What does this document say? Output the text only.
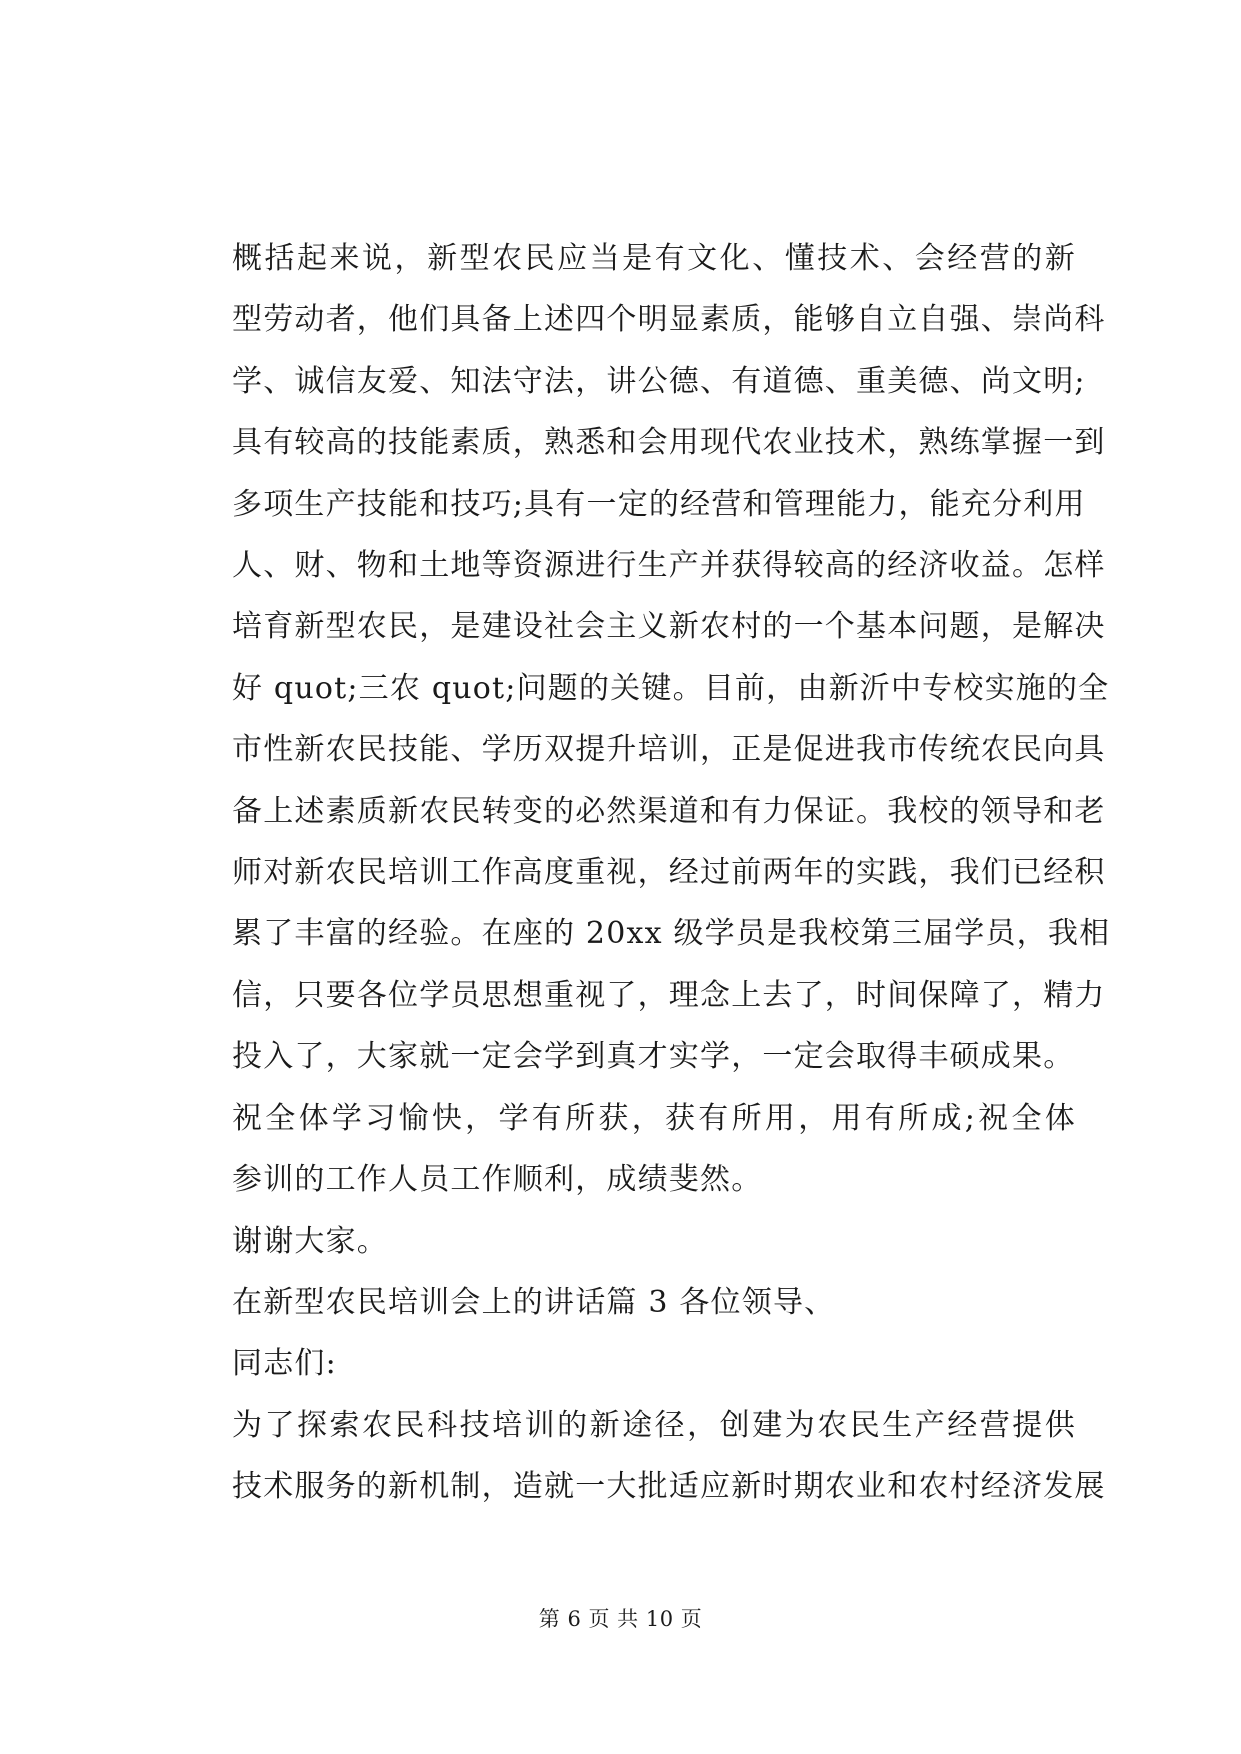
概括起来说，新型农民应当是有文化、懂技术、会经营的新
型劳动者，他们具备上述四个明显素质，能够自立自强、崇尚科
学、诚信友爱、知法守法，讲公德、有道德、重美德、尚文明;
具有较高的技能素质，熟悉和会用现代农业技术，熟练掌握一到
多项生产技能和技巧;具有一定的经营和管理能力，能充分利用
人、财、物和土地等资源进行生产并获得较高的经济收益。怎样
培育新型农民，是建设社会主义新农村的一个基本问题，是解决
好 quot;三农 quot;问题的关键。目前，由新沂中专校实施的全
市性新农民技能、学历双提升培训，正是促进我市传统农民向具
备上述素质新农民转变的必然渠道和有力保证。我校的领导和老
师对新农民培训工作高度重视，经过前两年的实践，我们已经积
累了丰富的经验。在座的 20xx 级学员是我校第三届学员，我相
信，只要各位学员思想重视了，理念上去了，时间保障了，精力
投入了，大家就一定会学到真才实学，一定会取得丰硕成果。

祝全体学习愉快，学有所获，获有所用，用有所成;祝全体
参训的工作人员工作顺利，成绩斐然。

谢谢大家。

在新型农民培训会上的讲话篇 3 各位领导、

同志们:

为了探索农民科技培训的新途径，创建为农民生产经营提供
技术服务的新机制，造就一大批适应新时期农业和农村经济发展

第 6 页 共 10 页
